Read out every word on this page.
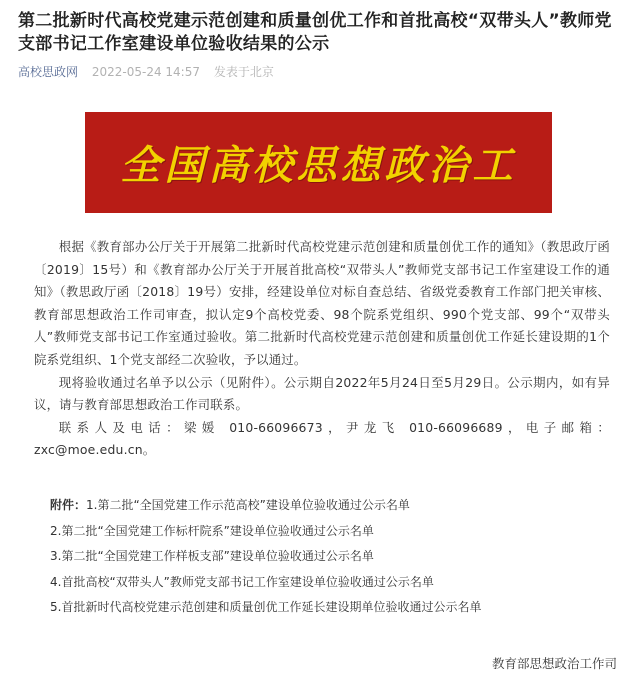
第二批新时代高校党建示范创建和质量创优工作和首批高校“双带头人”教师党支部书记工作室建设单位验收结果的公示
高校思政网 2022-05-24 14:57 发表于北京
全国高校思想政治工

根据《教育部办公厅关于开展第二批新时代高校党建示范创建和质量创优工作的通知》（教思政厅函〔2019〕15号）和《教育部办公厅关于开展首批高校“双带头人”教师党支部书记工作室建设工作的通知》（教思政厅函〔2018〕19号）安排，经建设单位对标自查总结、省级党委教育工作部门把关审核、教育部思想政治工作司审查，拟认定9个高校党委、98个院系党组织、990个党支部、99个“双带头人”教师党支部书记工作室通过验收。第二批新时代高校党建示范创建和质量创优工作延长建设期的1个院系党组织、1个党支部经二次验收，予以通过。

现将验收通过名单予以公示（见附件）。公示期自2022年5月24日至5月29日。公示期内，如有异议，请与教育部思想政治工作司联系。

联系人及电话：梁媛 010-66096673，尹龙飞 010-66096689，电子邮箱：zxc@moe.edu.cn。

附件：1.第二批“全国党建工作示范高校”建设单位验收通过公示名单
2.第二批“全国党建工作标杆院系”建设单位验收通过公示名单
3.第二批“全国党建工作样板支部”建设单位验收通过公示名单
4.首批高校“双带头人”教师党支部书记工作室建设单位验收通过公示名单
5.首批新时代高校党建示范创建和质量创优工作延长建设期单位验收通过公示名单
教育部思想政治工作司
